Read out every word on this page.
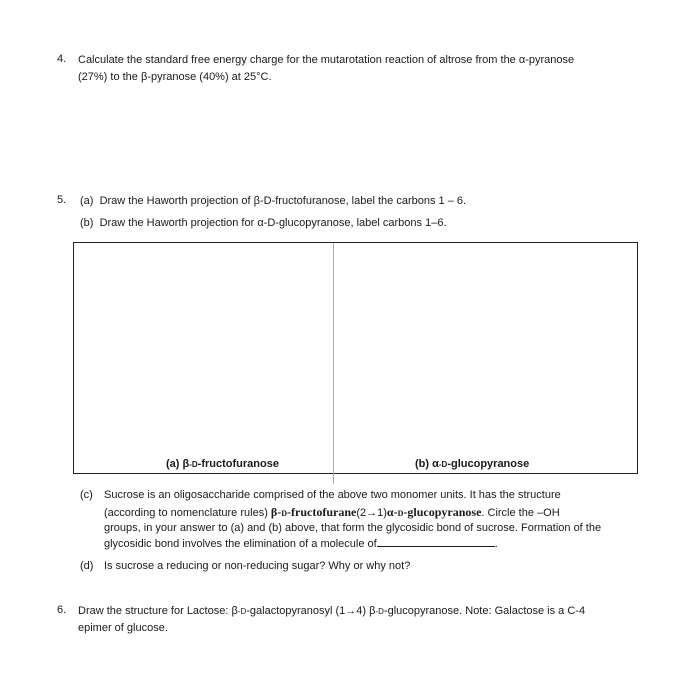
4. Calculate the standard free energy charge for the mutarotation reaction of altrose from the α-pyranose
(27%) to the β-pyranose (40%) at 25°C.
5. (a) Draw the Haworth projection of β-D-fructofuranose, label the carbons 1 – 6.
(b) Draw the Haworth projection for α-D-glucopyranose, label carbons 1–6.
(a) β-D-fructofuranose	(b) α-D-glucopyranose
(c) Sucrose is an oligosaccharide comprised of the above two monomer units. It has the structure
(according to nomenclature rules) β-D-fructofurane(2→1)α-D-glucopyranose. Circle the –OH
groups, in your answer to (a) and (b) above, that form the glycosidic bond of sucrose. Formation of the
glycosidic bond involves the elimination of a molecule of	.
(d) Is sucrose a reducing or non-reducing sugar? Why or why not?
6. Draw the structure for Lactose: β-D-galactopyranosyl (1→4) β-D-glucopyranose. Note: Galactose is a C-4
epimer of glucose.
